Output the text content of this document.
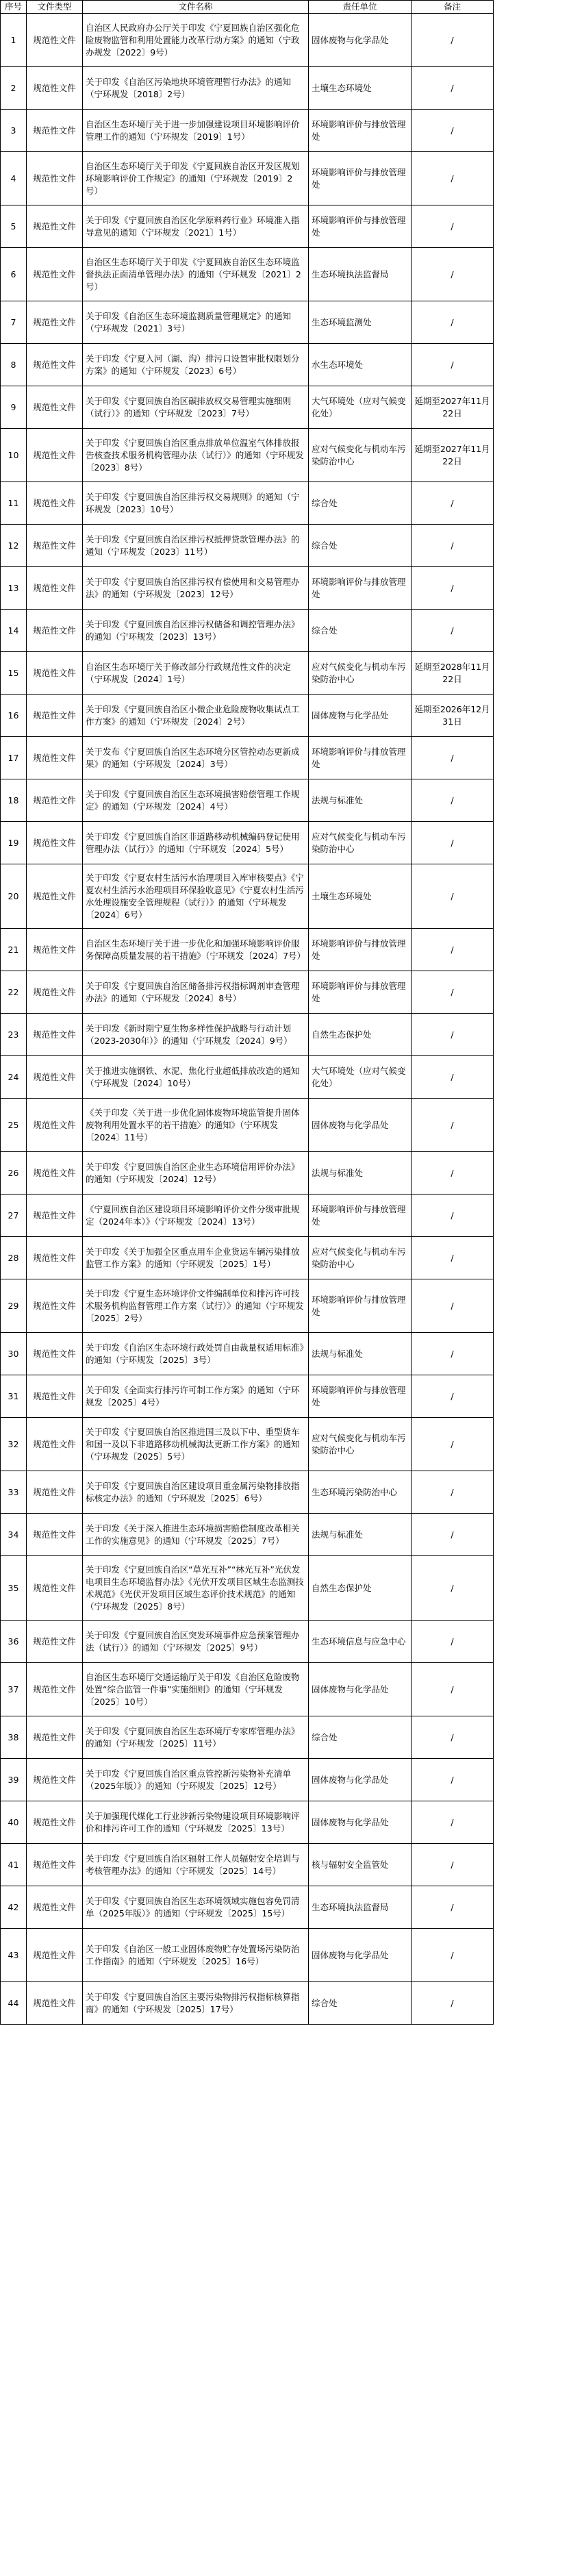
序号	文件类型	文件名称	责任单位	备注
1	规范性文件	自治区人民政府办公厅关于印发《宁夏回族自治区强化危险废物监管和利用处置能力改革行动方案》的通知（宁政办规发〔2022〕9号）	固体废物与化学品处	/
2	规范性文件	关于印发《自治区污染地块环境管理暂行办法》的通知（宁环规发〔2018〕2号）	土壤生态环境处	/
3	规范性文件	自治区生态环境厅关于进一步加强建设项目环境影响评价管理工作的通知（宁环规发〔2019〕1号）	环境影响评价与排放管理处	/
4	规范性文件	自治区生态环境厅关于印发《宁夏回族自治区开发区规划环境影响评价工作规定》的通知（宁环规发〔2019〕2号）	环境影响评价与排放管理处	/
5	规范性文件	关于印发《宁夏回族自治区化学原料药行业》环境准入指导意见的通知（宁环规发〔2021〕1号）	环境影响评价与排放管理处	/
6	规范性文件	自治区生态环境厅关于印发《宁夏回族自治区生态环境监督执法正面清单管理办法》的通知（宁环规发〔2021〕2号）	生态环境执法监督局	/
7	规范性文件	关于印发《自治区生态环境监测质量管理规定》的通知（宁环规发〔2021〕3号）	生态环境监测处	/
8	规范性文件	关于印发《宁夏入河（湖、沟）排污口设置审批权限划分方案》的通知（宁环规发〔2023〕6号）	水生态环境处	/
9	规范性文件	关于印发《宁夏回族自治区碳排放权交易管理实施细则（试行）》的通知（宁环规发〔2023〕7号）	大气环境处（应对气候变化处）	延期至2027年11月22日
10	规范性文件	关于印发《宁夏回族自治区重点排放单位温室气体排放报告核查技术服务机构管理办法（试行）》的通知（宁环规发〔2023〕8号）	应对气候变化与机动车污染防治中心	延期至2027年11月22日
11	规范性文件	关于印发《宁夏回族自治区排污权交易规则》的通知（宁环规发〔2023〕10号）	综合处	/
12	规范性文件	关于印发《宁夏回族自治区排污权抵押贷款管理办法》的通知（宁环规发〔2023〕11号）	综合处	/
13	规范性文件	关于印发《宁夏回族自治区排污权有偿使用和交易管理办法》的通知（宁环规发〔2023〕12号）	环境影响评价与排放管理处	/
14	规范性文件	关于印发《宁夏回族自治区排污权储备和调控管理办法》的通知（宁环规发〔2023〕13号）	综合处	/
15	规范性文件	自治区生态环境厅关于修改部分行政规范性文件的决定（宁环规发〔2024〕1号）	应对气候变化与机动车污染防治中心	延期至2028年11月22日
16	规范性文件	关于印发《宁夏回族自治区小微企业危险废物收集试点工作方案》的通知（宁环规发〔2024〕2号）	固体废物与化学品处	延期至2026年12月31日
17	规范性文件	关于发布《宁夏回族自治区生态环境分区管控动态更新成果》的通知（宁环规发〔2024〕3号）	环境影响评价与排放管理处	/
18	规范性文件	关于印发《宁夏回族自治区生态环境损害赔偿管理工作规定》的通知（宁环规发〔2024〕4号）	法规与标准处	/
19	规范性文件	关于印发《宁夏回族自治区非道路移动机械编码登记使用管理办法（试行）》的通知（宁环规发〔2024〕5号）	应对气候变化与机动车污染防治中心	/
20	规范性文件	关于印发《宁夏农村生活污水治理项目入库审核要点》《宁夏农村生活污水治理项目环保验收意见》《宁夏农村生活污水处理设施安全管理规程（试行）》的通知（宁环规发〔2024〕6号）	土壤生态环境处	/
21	规范性文件	自治区生态环境厅关于进一步优化和加强环境影响评价服务保障高质量发展的若干措施》（宁环规发〔2024〕7号）	环境影响评价与排放管理处	/
22	规范性文件	关于印发《宁夏回族自治区储备排污权指标调剂审查管理办法》的通知（宁环规发〔2024〕8号）	环境影响评价与排放管理处	/
23	规范性文件	关于印发《新时期宁夏生物多样性保护战略与行动计划（2023-2030年）》的通知（宁环规发〔2024〕9号）	自然生态保护处	/
24	规范性文件	关于推进实施钢铁、水泥、焦化行业超低排放改造的通知（宁环规发〔2024〕10号）	大气环境处（应对气候变化处）	/
25	规范性文件	《关于印发〈关于进一步优化固体废物环境监管提升固体废物利用处置水平的若干措施〉的通知》（宁环规发〔2024〕11号）	固体废物与化学品处	/
26	规范性文件	关于印发《宁夏回族自治区企业生态环境信用评价办法》的通知（宁环规发〔2024〕12号）	法规与标准处	/
27	规范性文件	《宁夏回族自治区建设项目环境影响评价文件分级审批规定（2024年本）》（宁环规发〔2024〕13号）	环境影响评价与排放管理处	/
28	规范性文件	关于印发《关于加强全区重点用车企业货运车辆污染排放监管工作方案》的通知（宁环规发〔2025〕1号）	应对气候变化与机动车污染防治中心	/
29	规范性文件	关于印发《宁夏生态环境评价文件编制单位和排污许可技术服务机构监督管理工作方案（试行）》的通知（宁环规发〔2025〕2号）	环境影响评价与排放管理处	/
30	规范性文件	关于印发《自治区生态环境行政处罚自由裁量权适用标准》的通知（宁环规发〔2025〕3号）	法规与标准处	/
31	规范性文件	关于印发《全面实行排污许可制工作方案》的通知（宁环规发〔2025〕4号）	环境影响评价与排放管理处	/
32	规范性文件	关于印发《宁夏回族自治区推进国三及以下中、重型货车和国一及以下非道路移动机械淘汰更新工作方案》的通知（宁环规发〔2025〕5号）	应对气候变化与机动车污染防治中心	/
33	规范性文件	关于印发《宁夏回族自治区建设项目重金属污染物排放指标核定办法》的通知（宁环规发〔2025〕6号）	生态环境污染防治中心	/
34	规范性文件	关于印发《关于深入推进生态环境损害赔偿制度改革相关工作的实施意见》的通知（宁环规发〔2025〕7号）	法规与标准处	/
35	规范性文件	关于印发《宁夏回族自治区“草光互补”“林光互补”光伏发电项目生态环境监督办法》《光伏开发项目区域生态监测技术规范》《光伏开发项目区域生态评价技术规范》的通知（宁环规发〔2025〕8号）	自然生态保护处	/
36	规范性文件	关于印发《宁夏回族自治区突发环境事件应急预案管理办法（试行）》的通知（宁环规发〔2025〕9号）	生态环境信息与应急中心	/
37	规范性文件	自治区生态环境厅交通运输厅关于印发《自治区危险废物处置“综合监管一件事”实施细则》的通知（宁环规发〔2025〕10号）	固体废物与化学品处	/
38	规范性文件	关于印发《宁夏回族自治区生态环境厅专家库管理办法》的通知（宁环规发〔2025〕11号）	综合处	/
39	规范性文件	关于印发《宁夏回族自治区重点管控新污染物补充清单（2025年版）》的通知（宁环规发〔2025〕12号）	固体废物与化学品处	/
40	规范性文件	关于加强现代煤化工行业涉新污染物建设项目环境影响评价和排污许可工作的通知（宁环规发〔2025〕13号）	固体废物与化学品处	/
41	规范性文件	关于印发《宁夏回族自治区辐射工作人员辐射安全培训与考核管理办法》的通知（宁环规发〔2025〕14号）	核与辐射安全监管处	/
42	规范性文件	关于印发《宁夏回族自治区生态环境领域实施包容免罚清单（2025年版）》的通知（宁环规发〔2025〕15号）	生态环境执法监督局	/
43	规范性文件	关于印发《自治区一般工业固体废物贮存处置场污染防治工作指南》的通知（宁环规发〔2025〕16号）	固体废物与化学品处	/
44	规范性文件	关于印发《宁夏回族自治区主要污染物排污权指标核算指南》的通知（宁环规发〔2025〕17号）	综合处	/
